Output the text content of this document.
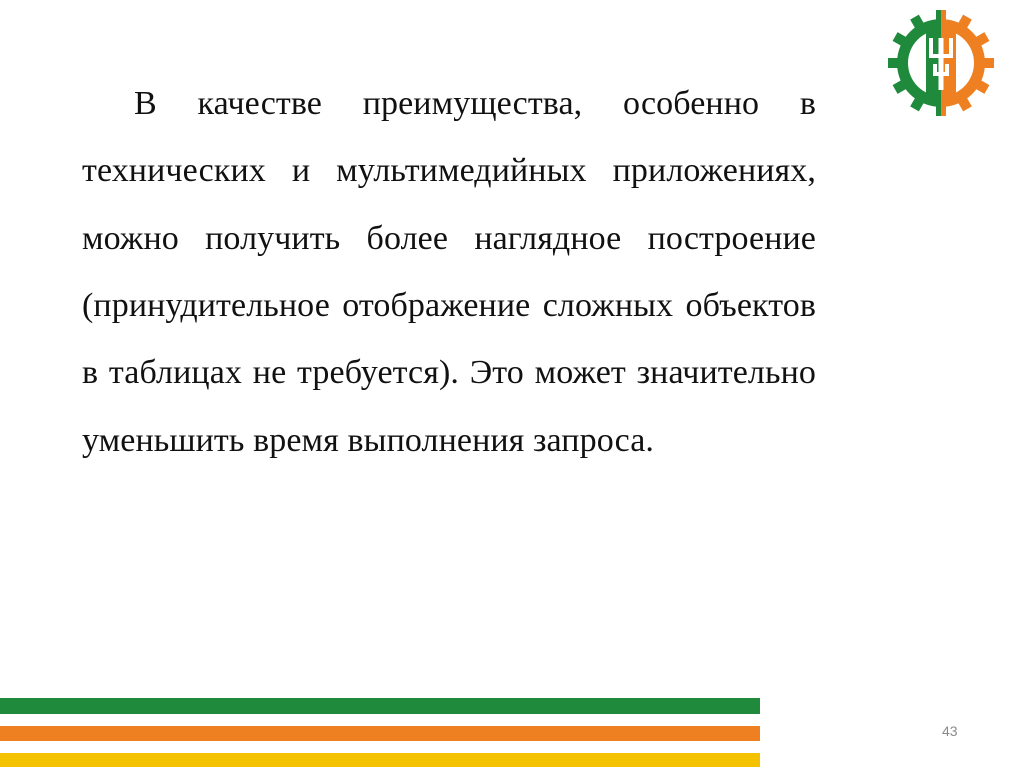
В качестве преимущества, особенно в технических и мультимедийных приложениях, можно получить более наглядное построение (принудительное отображение сложных объектов в таблицах не требуется). Это может значительно уменьшить время выполнения запроса.
43
